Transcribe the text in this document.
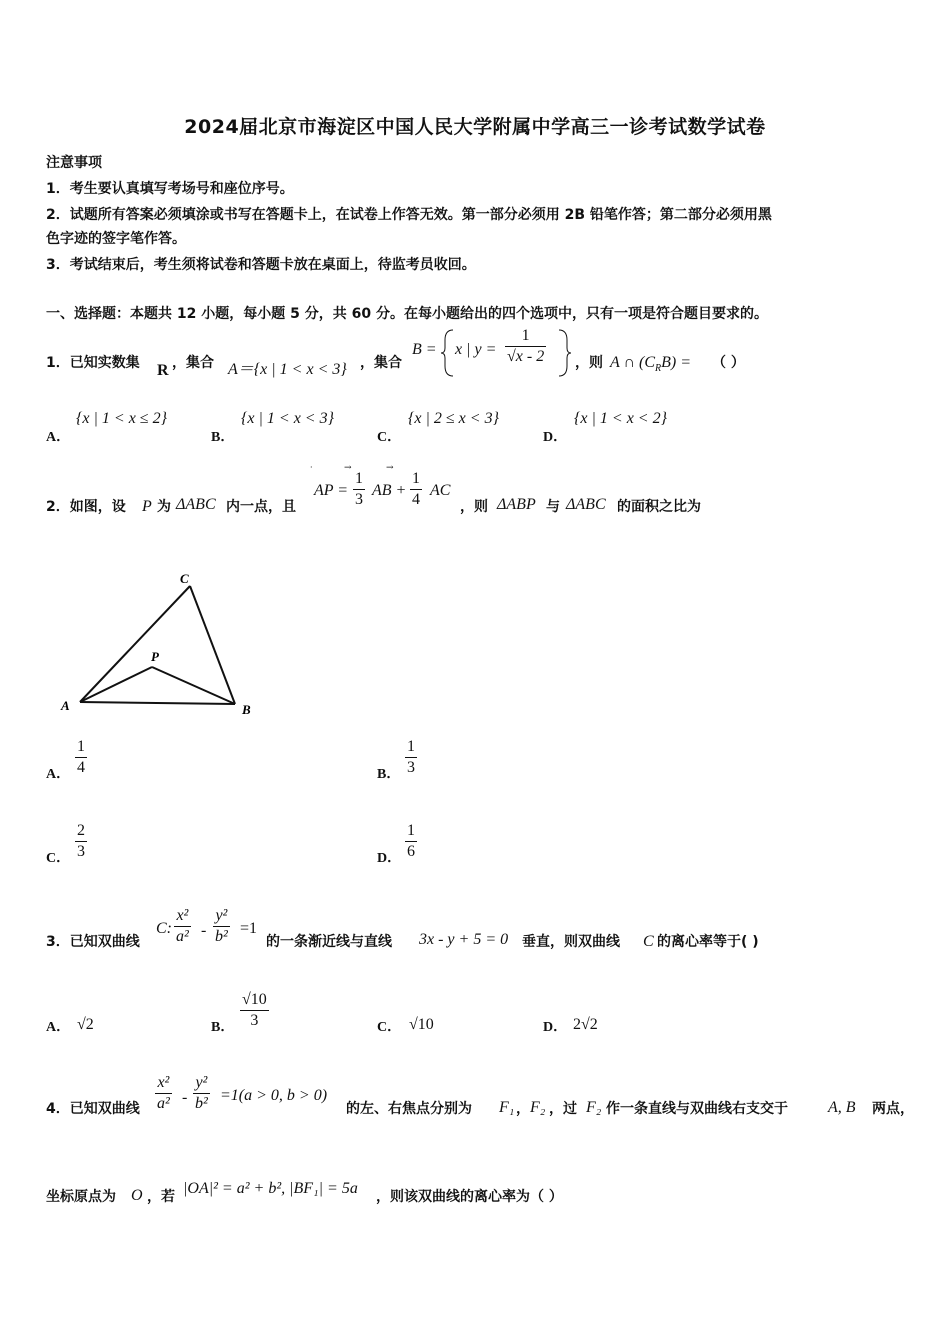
2024届北京市海淀区中国人民大学附属中学高三一诊考试数学试卷
注意事项
1．考生要认真填写考场号和座位序号。
2．试题所有答案必须填涂或书写在答题卡上，在试卷上作答无效。第一部分必须用 2B 铅笔作答；第二部分必须用黑
色字迹的签字笔作答。
3．考试结束后，考生须将试卷和答题卡放在桌面上，待监考员收回。
一、选择题：本题共 12 小题，每小题 5 分，共 60 分。在每小题给出的四个选项中，只有一项是符合题目要求的。
1．已知实数集 R ，集合 A＝{x | 1 < x < 3} ，集合
B = x | $y = \frac{1}{√x - 2}$ ，则 A ∩ $(C_RB)$ = （ ）
A．
{x | 1 < x ≤ 2}
B．
{x | 1 < x < 3}
C．
{x | 2 ≤ x < 3}
D．
{x | 1 < x < 2}
2．如图，设 P 为 ΔABC 内一点，且
AP = $\frac{1}{3}$ AB + $\frac{1}{4}$ AC
·	→	→
，则 ΔABP 与 ΔABC 的面积之比为
A	B
C
P
A． $\frac{1}{4}$	B． $\frac{1}{3}$
C． $\frac{2}{3}$	D． $\frac{1}{6}$
3．已知双曲线
C: $\frac{\text{x²}}{\text{a²}} - \frac{\text{y²}}{\text{b²}} =1$
的一条渐近线与直线 3x - y + 5 = 0 垂直，则双曲线 C 的离心率等于( )
A． √2	B． $\frac{√10}{3}$	C． √10	D． 2√2
4．已知双曲线 $\frac{\text{x²}}{\text{a²}} - \frac{\text{y²}}{\text{b²}} =1(a > 0$, b > 0)
的左、右焦点分别为 F₁ ， F₂ ，过 F₂ 作一条直线与双曲线右支交于	A, B 两点，
坐标原点为 O ，若 |OA|² = a² + b², |BF₁| = 5a ，则该双曲线的离心率为（ ）
